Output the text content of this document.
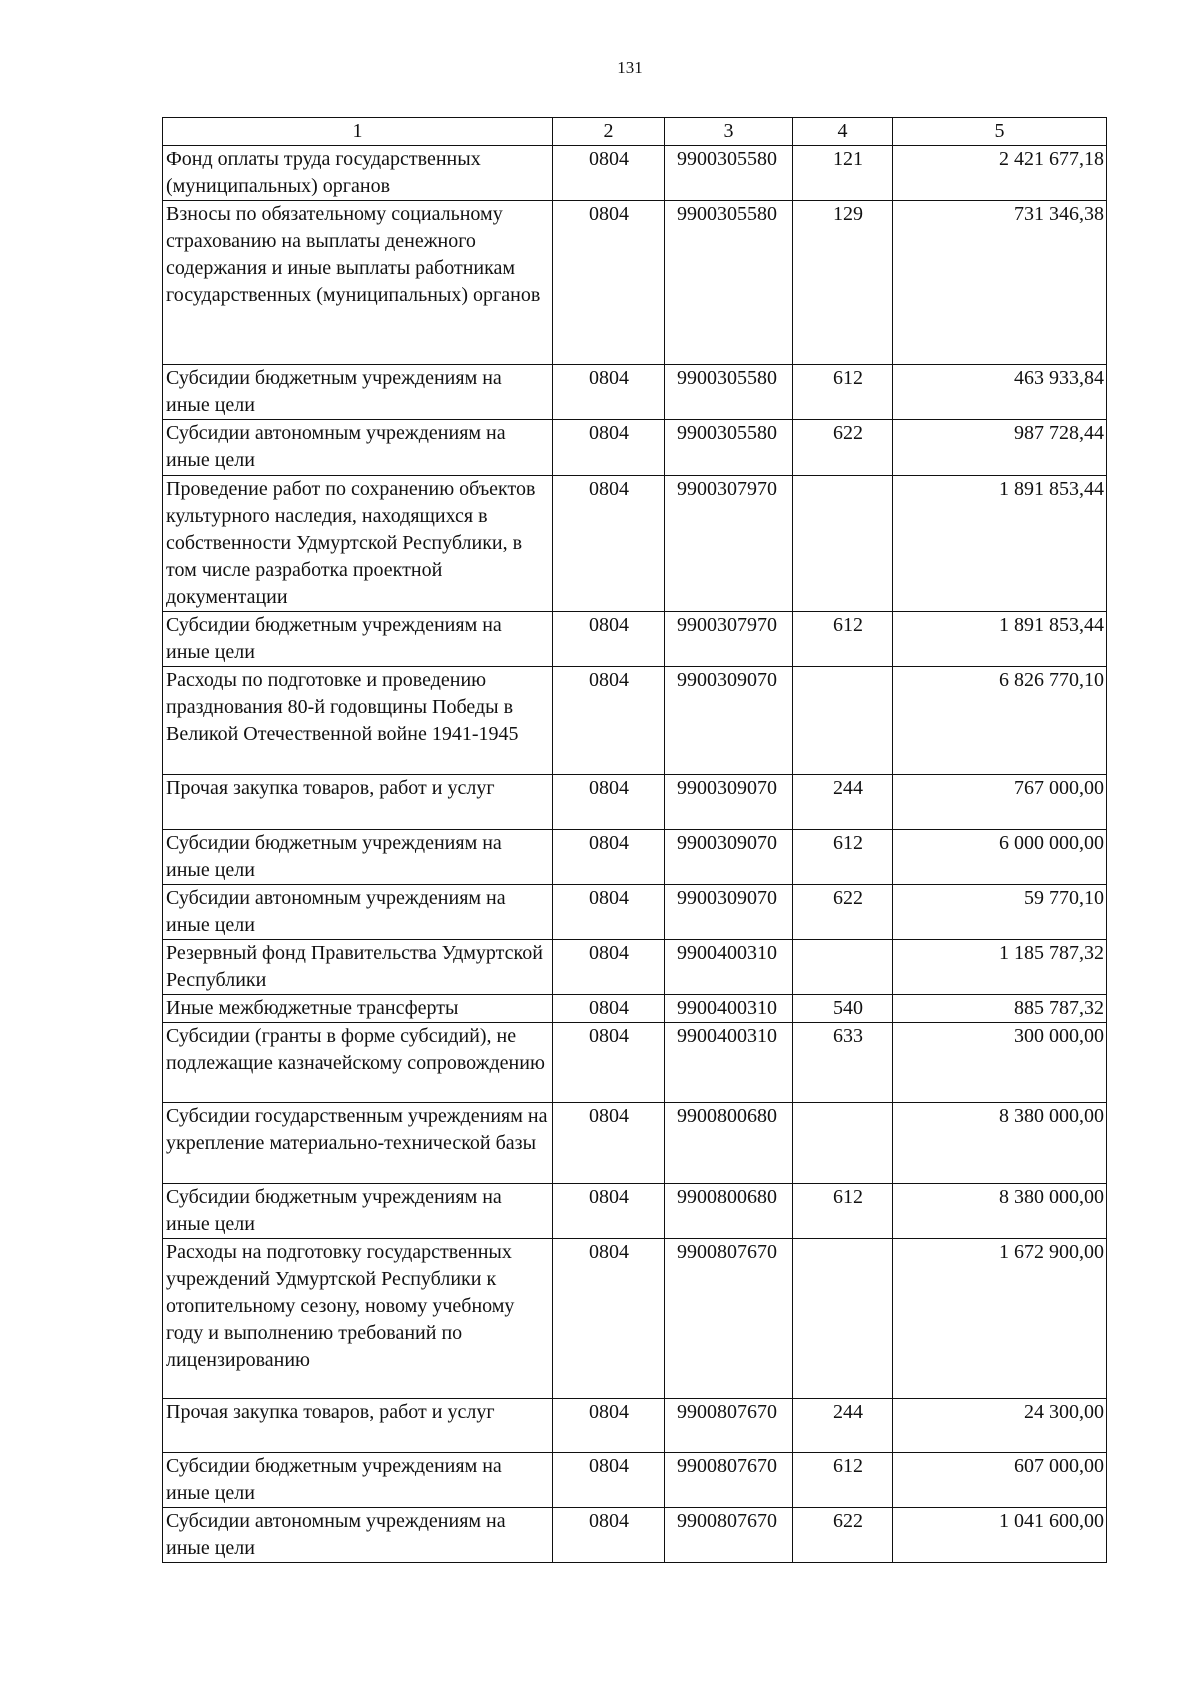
131
1	2	3	4	5
Фонд оплаты труда государственных (муниципальных) органов	0804	9900305580	121	2 421 677,18
Взносы по обязательному социальному страхованию на выплаты денежного содержания и иные выплаты работникам государственных (муниципальных) органов	0804	9900305580	129	731 346,38
Субсидии бюджетным учреждениям на иные цели	0804	9900305580	612	463 933,84
Субсидии автономным учреждениям на иные цели	0804	9900305580	622	987 728,44
Проведение работ по сохранению объектов культурного наследия, находящихся в собственности Удмуртской Республики, в том числе разработка проектной документации	0804	9900307970		1 891 853,44
Субсидии бюджетным учреждениям на иные цели	0804	9900307970	612	1 891 853,44
Расходы по подготовке и проведению празднования 80-й годовщины Победы в Великой Отечественной войне 1941-1945	0804	9900309070		6 826 770,10
Прочая закупка товаров, работ и услуг	0804	9900309070	244	767 000,00
Субсидии бюджетным учреждениям на иные цели	0804	9900309070	612	6 000 000,00
Субсидии автономным учреждениям на иные цели	0804	9900309070	622	59 770,10
Резервный фонд Правительства Удмуртской Республики	0804	9900400310		1 185 787,32
Иные межбюджетные трансферты	0804	9900400310	540	885 787,32
Субсидии (гранты в форме субсидий), не подлежащие казначейскому сопровождению	0804	9900400310	633	300 000,00
Субсидии государственным учреждениям на укрепление материально-технической базы	0804	9900800680		8 380 000,00
Субсидии бюджетным учреждениям на иные цели	0804	9900800680	612	8 380 000,00
Расходы на подготовку государственных учреждений Удмуртской Республики к отопительному сезону, новому учебному году и выполнению требований по лицензированию	0804	9900807670		1 672 900,00
Прочая закупка товаров, работ и услуг	0804	9900807670	244	24 300,00
Субсидии бюджетным учреждениям на иные цели	0804	9900807670	612	607 000,00
Субсидии автономным учреждениям на иные цели	0804	9900807670	622	1 041 600,00
